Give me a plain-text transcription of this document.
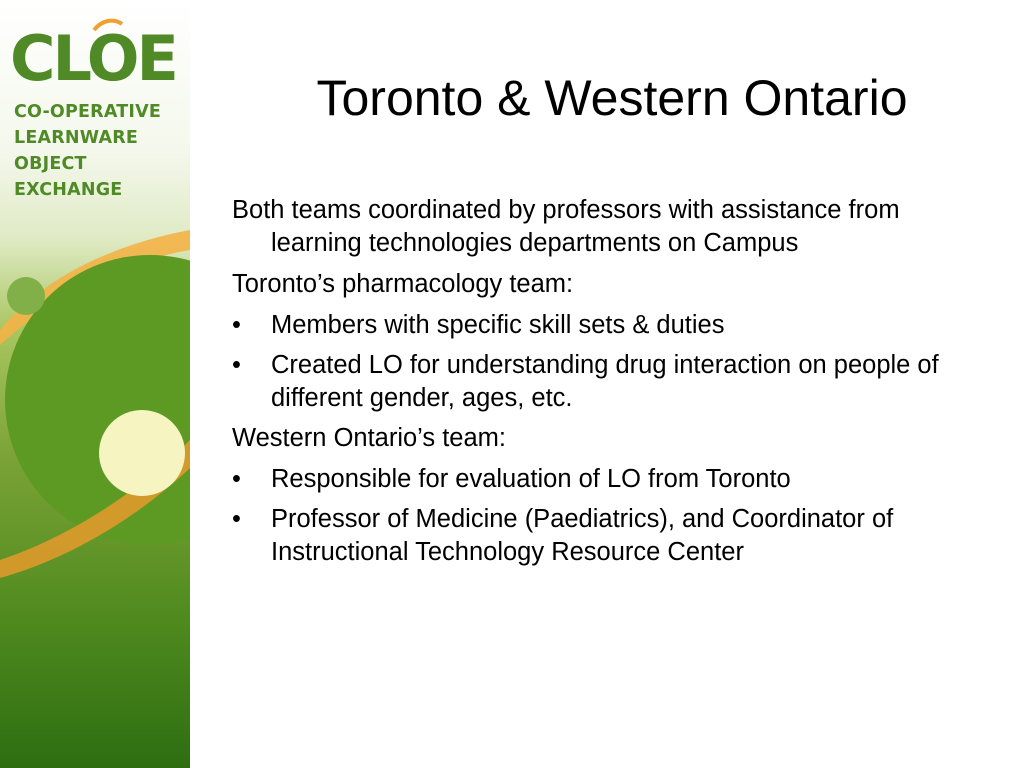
CLOE
CO-OPERATIVE
LEARNWARE
OBJECT
EXCHANGE
Toronto & Western Ontario
Both teams coordinated by professors with assistance from learning technologies departments on Campus
Toronto’s pharmacology team:
• Members with specific skill sets & duties
• Created LO for understanding drug interaction on people of different gender, ages, etc.
Western Ontario’s team:
• Responsible for evaluation of LO from Toronto
• Professor of Medicine (Paediatrics), and Coordinator of Instructional Technology Resource Center
